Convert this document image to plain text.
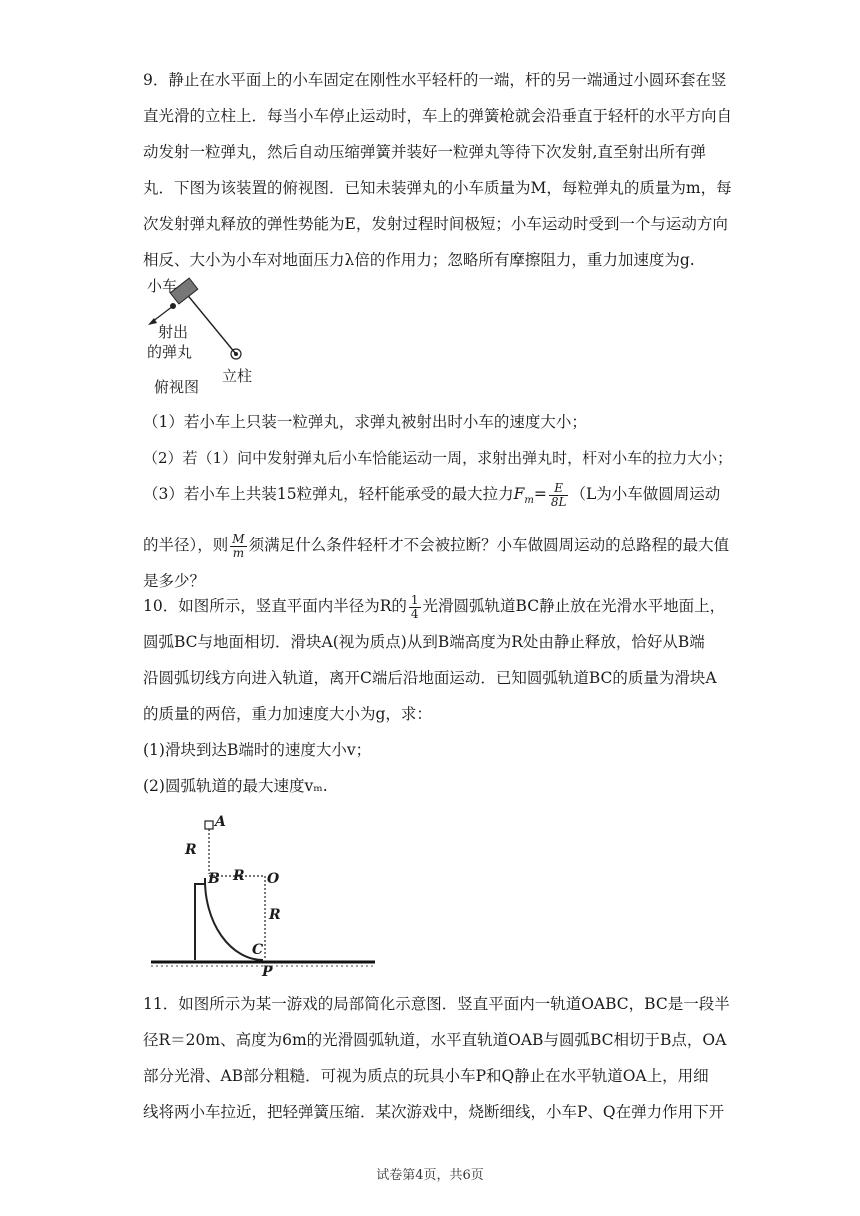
9．静止在水平面上的小车固定在刚性水平轻杆的一端，杆的另一端通过小圆环套在竖
直光滑的立柱上．每当小车停止运动时，车上的弹簧枪就会沿垂直于轻杆的水平方向自
动发射一粒弹丸，然后自动压缩弹簧并装好一粒弹丸等待下次发射,直至射出所有弹
丸．下图为该装置的俯视图．已知未装弹丸的小车质量为M，每粒弹丸的质量为m，每
次发射弹丸释放的弹性势能为E，发射过程时间极短；小车运动时受到一个与运动方向
相反、大小为小车对地面压力λ倍的作用力；忽略所有摩擦阻力，重力加速度为g.
小车
射出
的弹丸
立柱
俯视图
（1）若小车上只装一粒弹丸，求弹丸被射出时小车的速度大小；
（2）若（1）问中发射弹丸后小车恰能运动一周，求射出弹丸时，杆对小车的拉力大小；
（3）若小车上共装15粒弹丸，轻杆能承受的最大拉力$F_m= \frac{E}{8L} (L$为小车做圆周运动
的半径），则 $\frac{M}{m}$ 须满足什么条件轻杆才不会被拉断？小车做圆周运动的总路程的最大值
是多少？
10．如图所示，竖直平面内半径为R的 $\frac{1}{4}$ 光滑圆弧轨道BC静止放在光滑水平地面上，
圆弧BC与地面相切．滑块A(视为质点)从到B端高度为R处由静止释放，恰好从B端
沿圆弧切线方向进入轨道，离开C端后沿地面运动．已知圆弧轨道BC的质量为滑块A
的质量的两倍，重力加速度大小为g，求：
(1)滑块到达B端时的速度大小v；
(2)圆弧轨道的最大速度vₘ.
A
R
B R O
R
C
P
11．如图所示为某一游戏的局部简化示意图．竖直平面内一轨道OABC，BC是一段半
径R＝20m、高度为6m的光滑圆弧轨道，水平直轨道OAB与圆弧BC相切于B点，OA
部分光滑、AB部分粗糙．可视为质点的玩具小车P和Q静止在水平轨道OA上，用细
线将两小车拉近，把轻弹簧压缩．某次游戏中，烧断细线，小车P、Q在弹力作用下开
试卷第4页，共6页
